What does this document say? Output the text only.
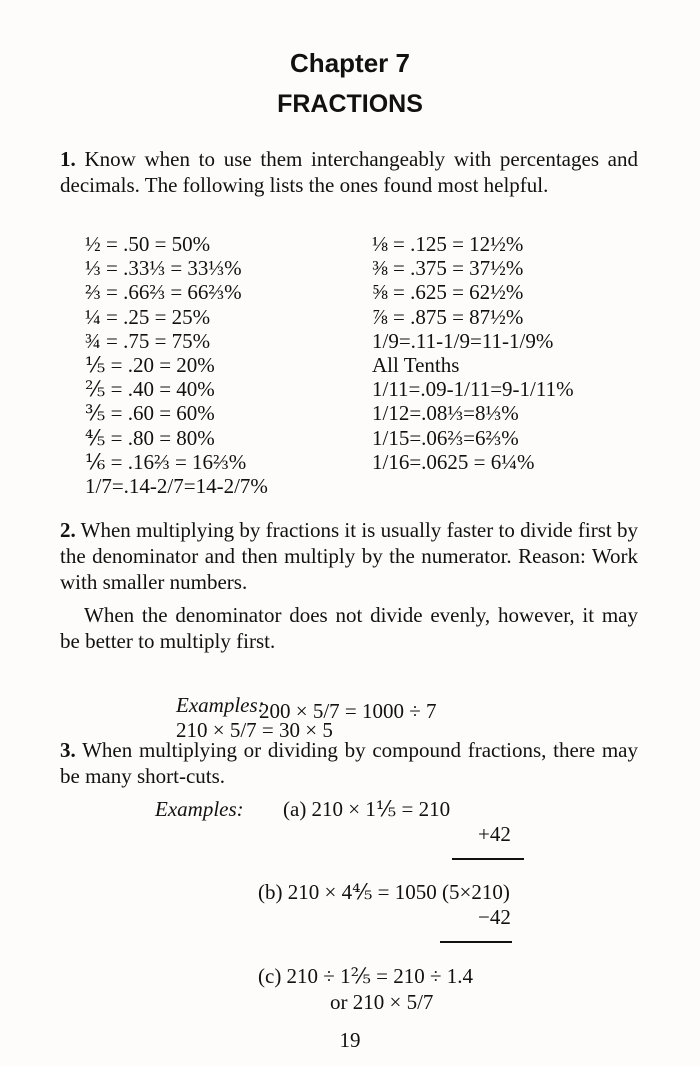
Chapter 7
FRACTIONS
1. Know when to use them interchangeably with percentages and decimals. The following lists the ones found most helpful.
½ = .50 = 50%
⅓ = .33⅓ = 33⅓%
⅔ = .66⅔ = 66⅔%
¼ = .25 = 25%
¾ = .75 = 75%
⅕ = .20 = 20%
⅖ = .40 = 40%
⅗ = .60 = 60%
⅘ = .80 = 80%
⅙ = .16⅔ = 16⅔%
1/7=.14-2/7=14-2/7%
⅛ = .125 = 12½%
⅜ = .375 = 37½%
⅝ = .625 = 62½%
⅞ = .875 = 87½%
1/9=.11-1/9=11-1/9%
All Tenths
1/11=.09-1/11=9-1/11%
1/12=.08⅓=8⅓%
1/15=.06⅔=6⅔%
1/16=.0625 = 6¼%
2. When multiplying by fractions it is usually faster to divide first by the denominator and then multiply by the numerator. Reason: Work with smaller numbers.
When the denominator does not divide evenly, however, it may be better to multiply first.

Examples:
210 × 5/7 = 30 × 5

200 × 5/7 = 1000 ÷ 7
3. When multiplying or dividing by compound fractions, there may be many short-cuts.
Examples: (a) 210 × 1⅕ = 210
+42
(b) 210 × 4⅘ = 1050 (5×210)
−42
(c) 210 ÷ 1⅖ = 210 ÷ 1.4
or 210 × 5/7
19
